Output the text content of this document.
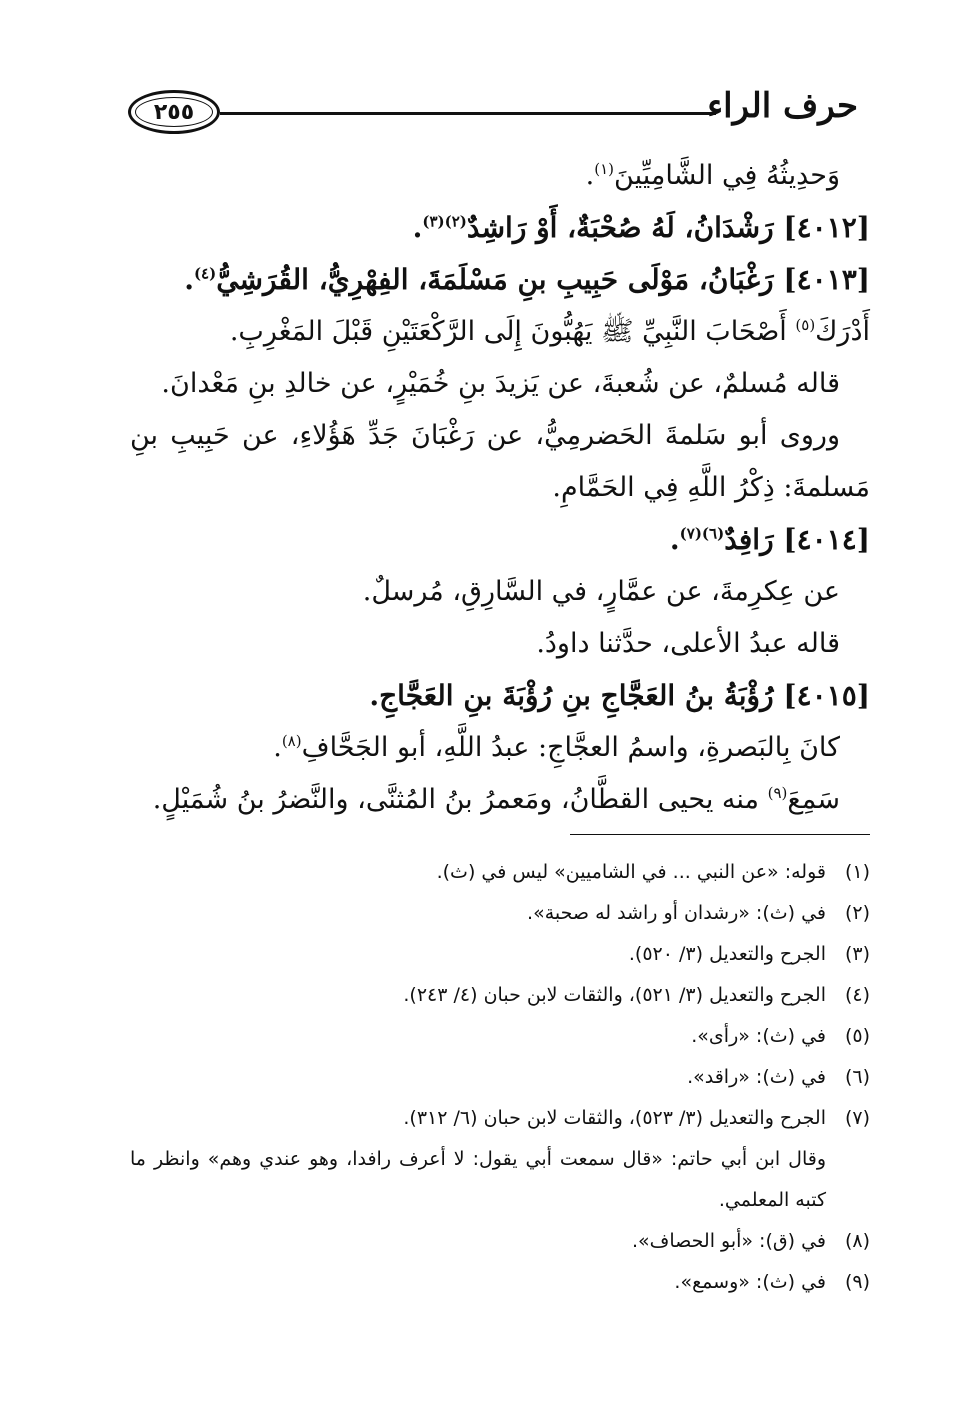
حرف الراء
٢٥٥
وَحدِيثُهُ فِي الشَّامِيِّينَ$^{(١)}$.
[٤٠١٢] رَشْدَانُ، لَهُ صُحْبَةٌ، أَوْ رَاشِدٌ$^{(٢)(٣)}$.
[٤٠١٣] رَغْبَانُ، مَوْلَى حَبِيبِ بنِ مَسْلَمَةَ، الفِهْرِيُّ، القُرَشِيُّ$^{(٤)}$.
أَدْرَكَ$^{(٥)}$ أَصْحَابَ النَّبِيِّ ﷺ يَهُبُّونَ إِلَى الرَّكْعَتَيْنِ قَبْلَ المَغْرِبِ.
قاله مُسلمٌ، عن شُعبةَ، عن يَزيدَ بنِ خُمَيْرٍ، عن خالدِ بنِ مَعْدانَ.
وروى أبو سَلمةَ الحَضرمِيُّ، عن رَغْبَانَ جَدِّ هَؤُلاءِ، عن حَبِيبِ بنِ
مَسلمةَ: ذِكْرُ اللَّهِ فِي الحَمَّامِ.
[٤٠١٤] رَافِدٌ$^{(٦)(٧)}$.
عن عِكرِمةَ، عن عمَّارٍ، في السَّارِقِ، مُرسلٌ.
قاله عبدُ الأعلى، حدَّثنا داودُ.
[٤٠١٥] رُؤْبَةُ بنُ العَجَّاجِ بنِ رُؤْبَةَ بنِ العَجَّاجِ.
كانَ بِالبَصرةِ، واسمُ العجَّاجِ: عبدُ اللَّهِ، أبو الجَحَّافِ$^{(٨)}$.
سَمِعَ$^{(٩)}$ منه يحيى القطَّانُ، ومَعمرُ بنُ المُثنَّى، والنَّضرُ بنُ شُمَيْلٍ.
(١)
قوله: «عن النبي ... في الشاميين» ليس في (ث).
(٢)
في (ث): «رشدان أو راشد له صحبة».
(٣)
الجرح والتعديل (٣/ ٥٢٠).
(٤)
الجرح والتعديل (٣/ ٥٢١)، والثقات لابن حبان (٤/ ٢٤٣).
(٥)
في (ث): «رأى».
(٦)
في (ث): «راقد».
(٧)
الجرح والتعديل (٣/ ٥٢٣)، والثقات لابن حبان (٦/ ٣١٢).
وقال ابن أبي حاتم: «قال سمعت أبي يقول: لا أعرف رافدا، وهو عندي وهم» وانظر ما كتبه المعلمي.
(٨)
في (ق): «أبو الحصاف».
(٩)
في (ث): «وسمع».
